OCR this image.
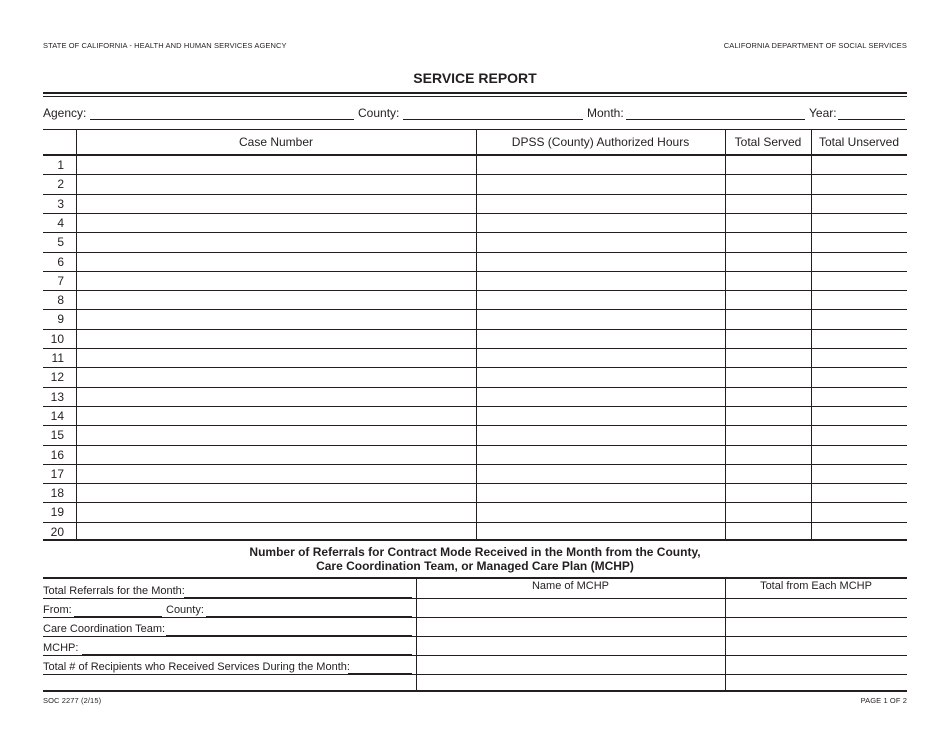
STATE OF CALIFORNIA - HEALTH AND HUMAN SERVICES AGENCY	CALIFORNIA DEPARTMENT OF SOCIAL SERVICES
SERVICE REPORT
Agency:	County:	Month:	Year:
Case Number	DPSS (County) Authorized Hours	Total Served	Total Unserved
1
2
3
4
5
6
7
8
9
10
11
12
13
14
15
16
17
18
19
20
Number of Referrals for Contract Mode Received in the Month from the County,
Care Coordination Team, or Managed Care Plan (MCHP)
Name of MCHP	Total from Each MCHP
Total Referrals for the Month:
From:	County:
Care Coordination Team:
MCHP:
Total # of Recipients who Received Services During the Month:
SOC 2277 (2/15)	PAGE 1 OF 2
